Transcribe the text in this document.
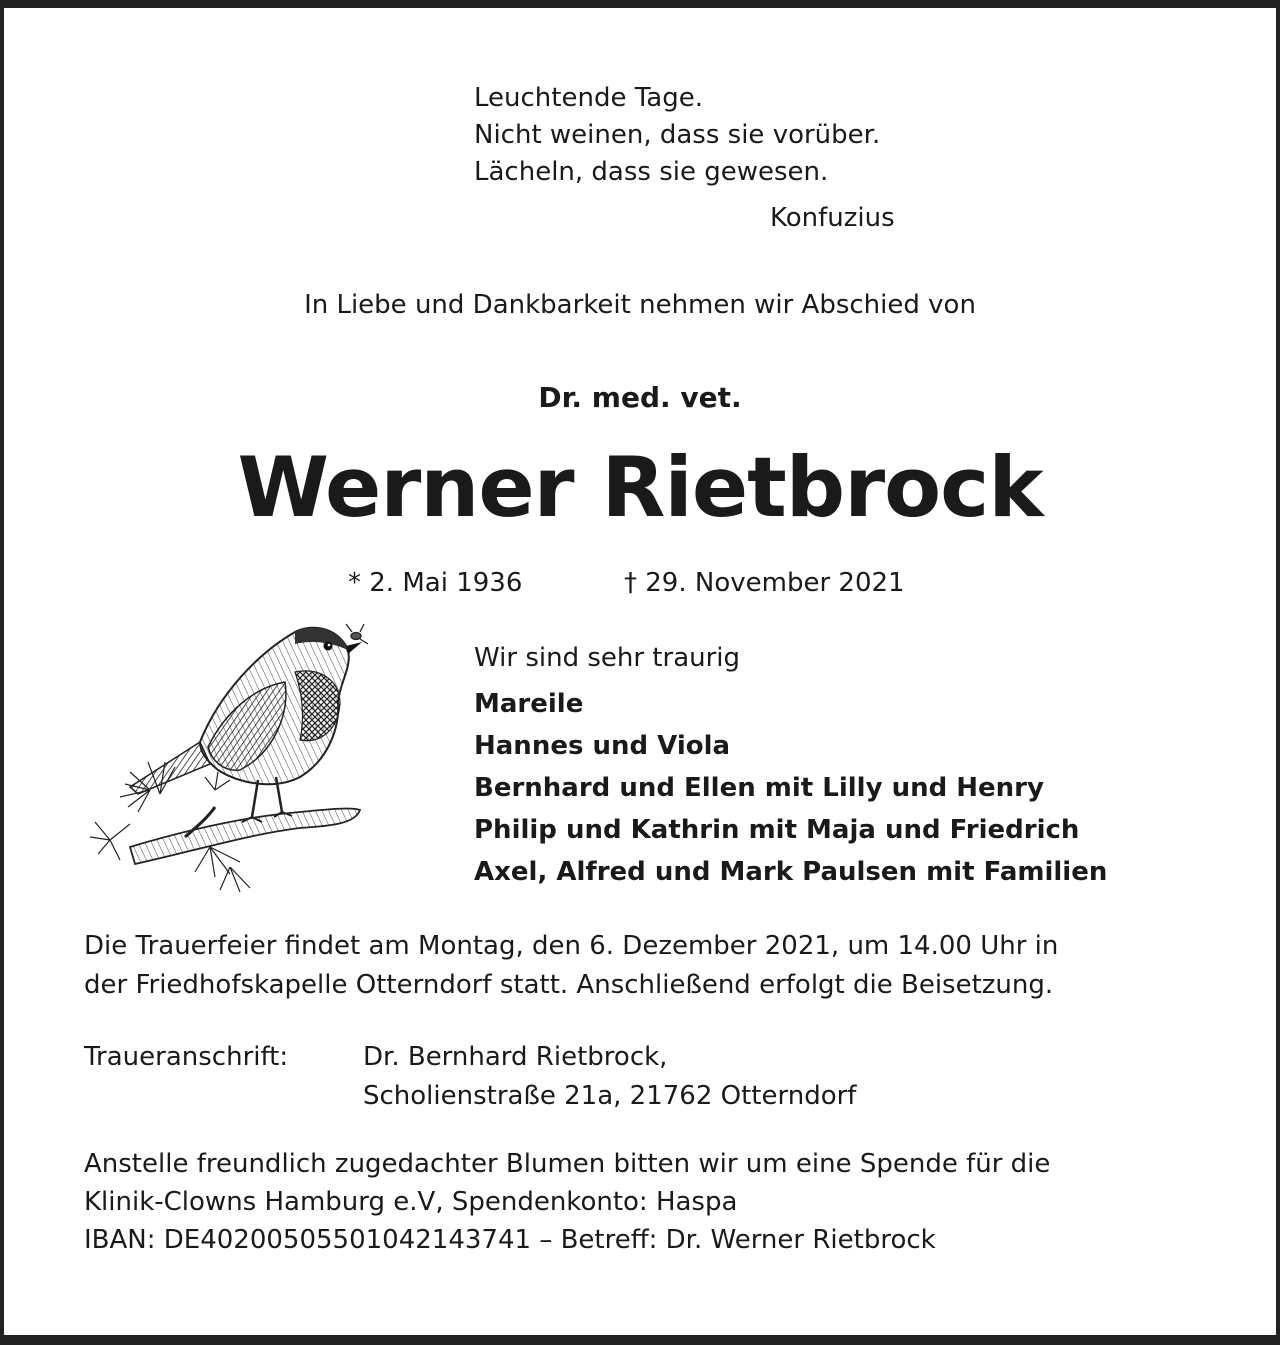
Leuchtende Tage.
Nicht weinen, dass sie vorüber.
Lächeln, dass sie gewesen.
Konfuzius
In Liebe und Dankbarkeit nehmen wir Abschied von
Dr. med. vet.
Werner Rietbrock
* 2. Mai 1936	† 29. November 2021
Wir sind sehr traurig
Mareile
Hannes und Viola
Bernhard und Ellen mit Lilly und Henry
Philip und Kathrin mit Maja und Friedrich
Axel, Alfred und Mark Paulsen mit Familien
Die Trauerfeier findet am Montag, den 6. Dezember 2021, um 14.00 Uhr in
der Friedhofskapelle Otterndorf statt. Anschließend erfolgt die Beisetzung.
Traueranschrift:	Dr. Bernhard Rietbrock,
Scholienstraße 21a, 21762 Otterndorf
Anstelle freundlich zugedachter Blumen bitten wir um eine Spende für die
Klinik-Clowns Hamburg e.V, Spendenkonto: Haspa
IBAN: DE40200505501042143741 – Betreff: Dr. Werner Rietbrock
